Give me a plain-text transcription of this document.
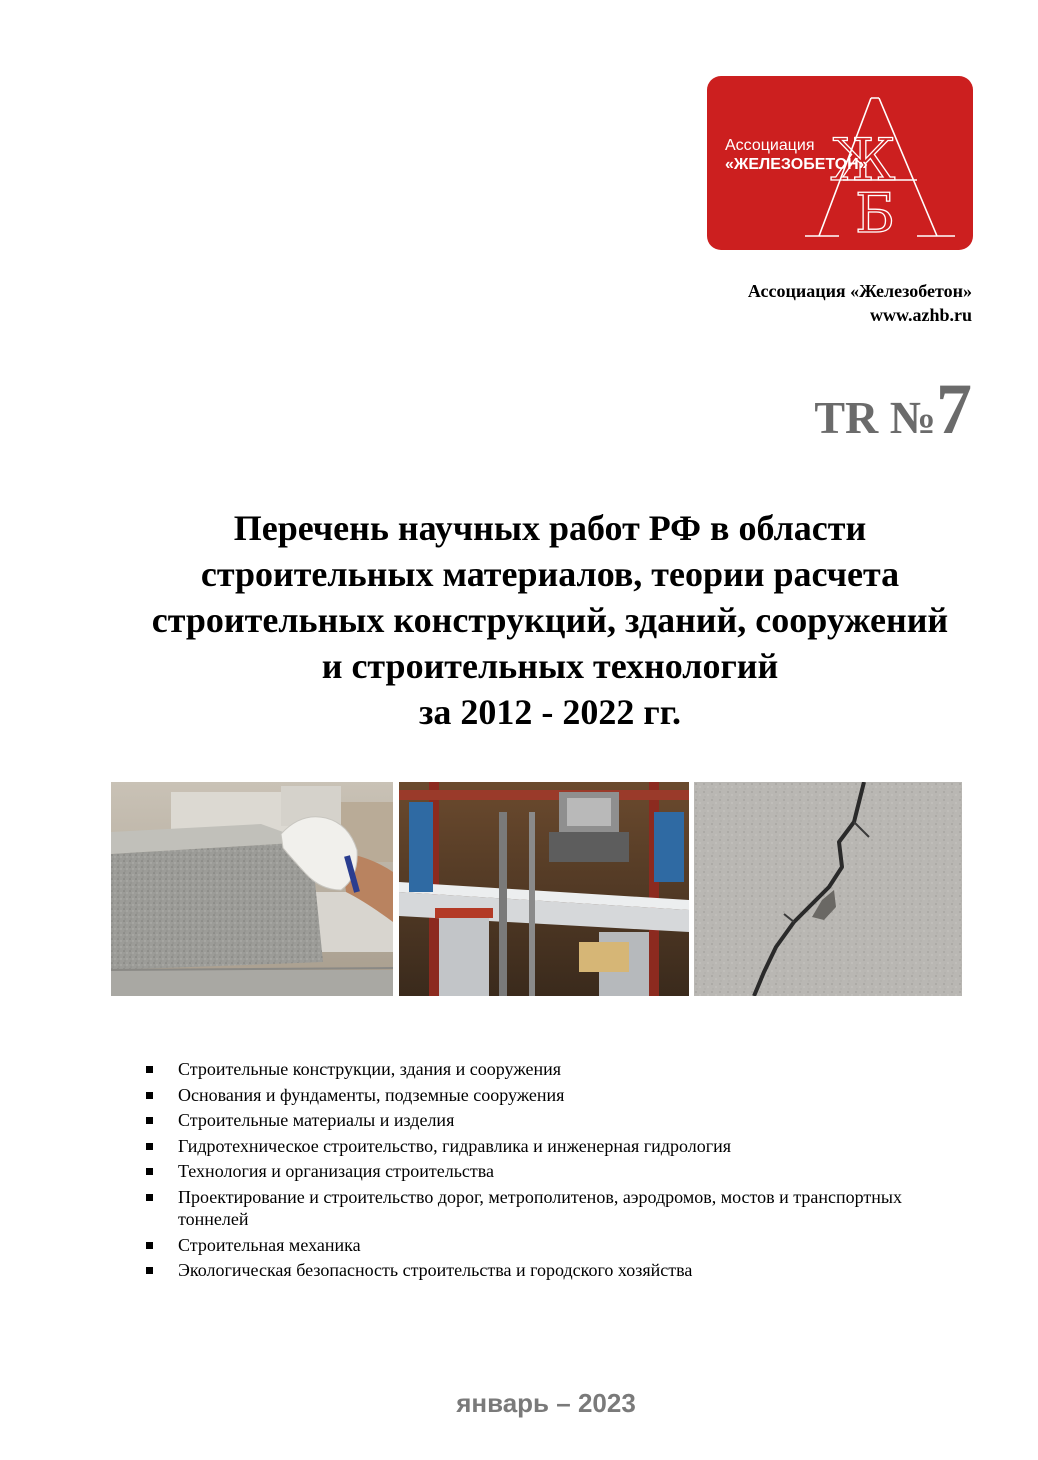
Ассоциация
«ЖЕЛЕЗОБЕТОН»
Ж
Б
А
Ассоциация «Железобетон»
www.azhb.ru
TR №7
Перечень научных работ РФ в области
строительных материалов, теории расчета
строительных конструкций, зданий, сооружений
и строительных технологий
за 2012 - 2022 гг.
Строительные конструкции, здания и сооружения
Основания и фундаменты, подземные сооружения
Строительные материалы и изделия
Гидротехническое строительство, гидравлика и инженерная гидрология
Технология и организация строительства
Проектирование и строительство дорог, метрополитенов, аэродромов, мостов и транспортных тоннелей
Строительная механика
Экологическая безопасность строительства и городского хозяйства
январь – 2023
